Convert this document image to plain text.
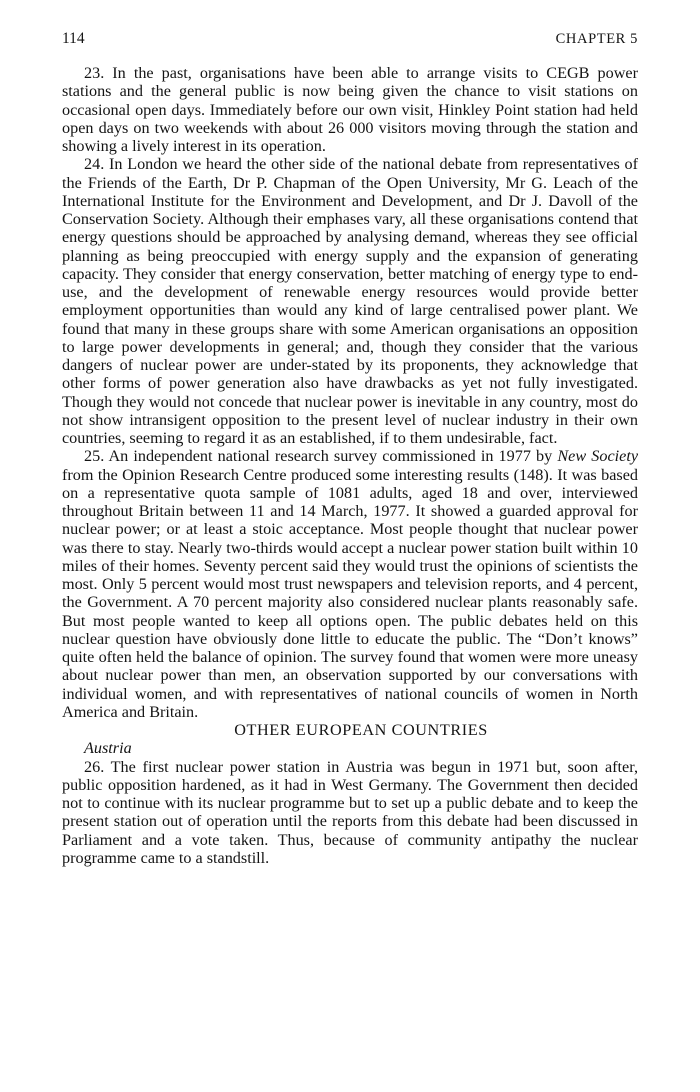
114	CHAPTER 5

23. In the past, organisations have been able to arrange visits to CEGB power stations and the general public is now being given the chance to visit stations on occasional open days. Immediately before our own visit, Hinkley Point station had held open days on two weekends with about 26 000 visitors moving through the station and showing a lively interest in its operation.

24. In London we heard the other side of the national debate from representatives of the Friends of the Earth, Dr P. Chapman of the Open University, Mr G. Leach of the International Institute for the Environment and Development, and Dr J. Davoll of the Conservation Society. Although their emphases vary, all these organisations contend that energy questions should be approached by analysing demand, whereas they see official planning as being preoccupied with energy supply and the expansion of generating capacity. They consider that energy conservation, better matching of energy type to end-use, and the development of renewable energy resources would provide better employment opportunities than would any kind of large centralised power plant. We found that many in these groups share with some American organisations an opposition to large power developments in general; and, though they consider that the various dangers of nuclear power are under-stated by its proponents, they acknowledge that other forms of power generation also have drawbacks as yet not fully investigated. Though they would not concede that nuclear power is inevitable in any country, most do not show intransigent opposition to the present level of nuclear industry in their own countries, seeming to regard it as an established, if to them undesirable, fact.

25. An independent national research survey commissioned in 1977 by New Society from the Opinion Research Centre produced some interesting results (148). It was based on a representative quota sample of 1081 adults, aged 18 and over, interviewed throughout Britain between 11 and 14 March, 1977. It showed a guarded approval for nuclear power; or at least a stoic acceptance. Most people thought that nuclear power was there to stay. Nearly two-thirds would accept a nuclear power station built within 10 miles of their homes. Seventy percent said they would trust the opinions of scientists the most. Only 5 percent would most trust newspapers and television reports, and 4 percent, the Government. A 70 percent majority also considered nuclear plants reasonably safe. But most people wanted to keep all options open. The public debates held on this nuclear question have obviously done little to educate the public. The “Don’t knows” quite often held the balance of opinion. The survey found that women were more uneasy about nuclear power than men, an observation supported by our conversations with individual women, and with representatives of national councils of women in North America and Britain.

OTHER EUROPEAN COUNTRIES

Austria

26. The first nuclear power station in Austria was begun in 1971 but, soon after, public opposition hardened, as it had in West Germany. The Government then decided not to continue with its nuclear programme but to set up a public debate and to keep the present station out of operation until the reports from this debate had been discussed in Parliament and a vote taken. Thus, because of community antipathy the nuclear programme came to a standstill.
